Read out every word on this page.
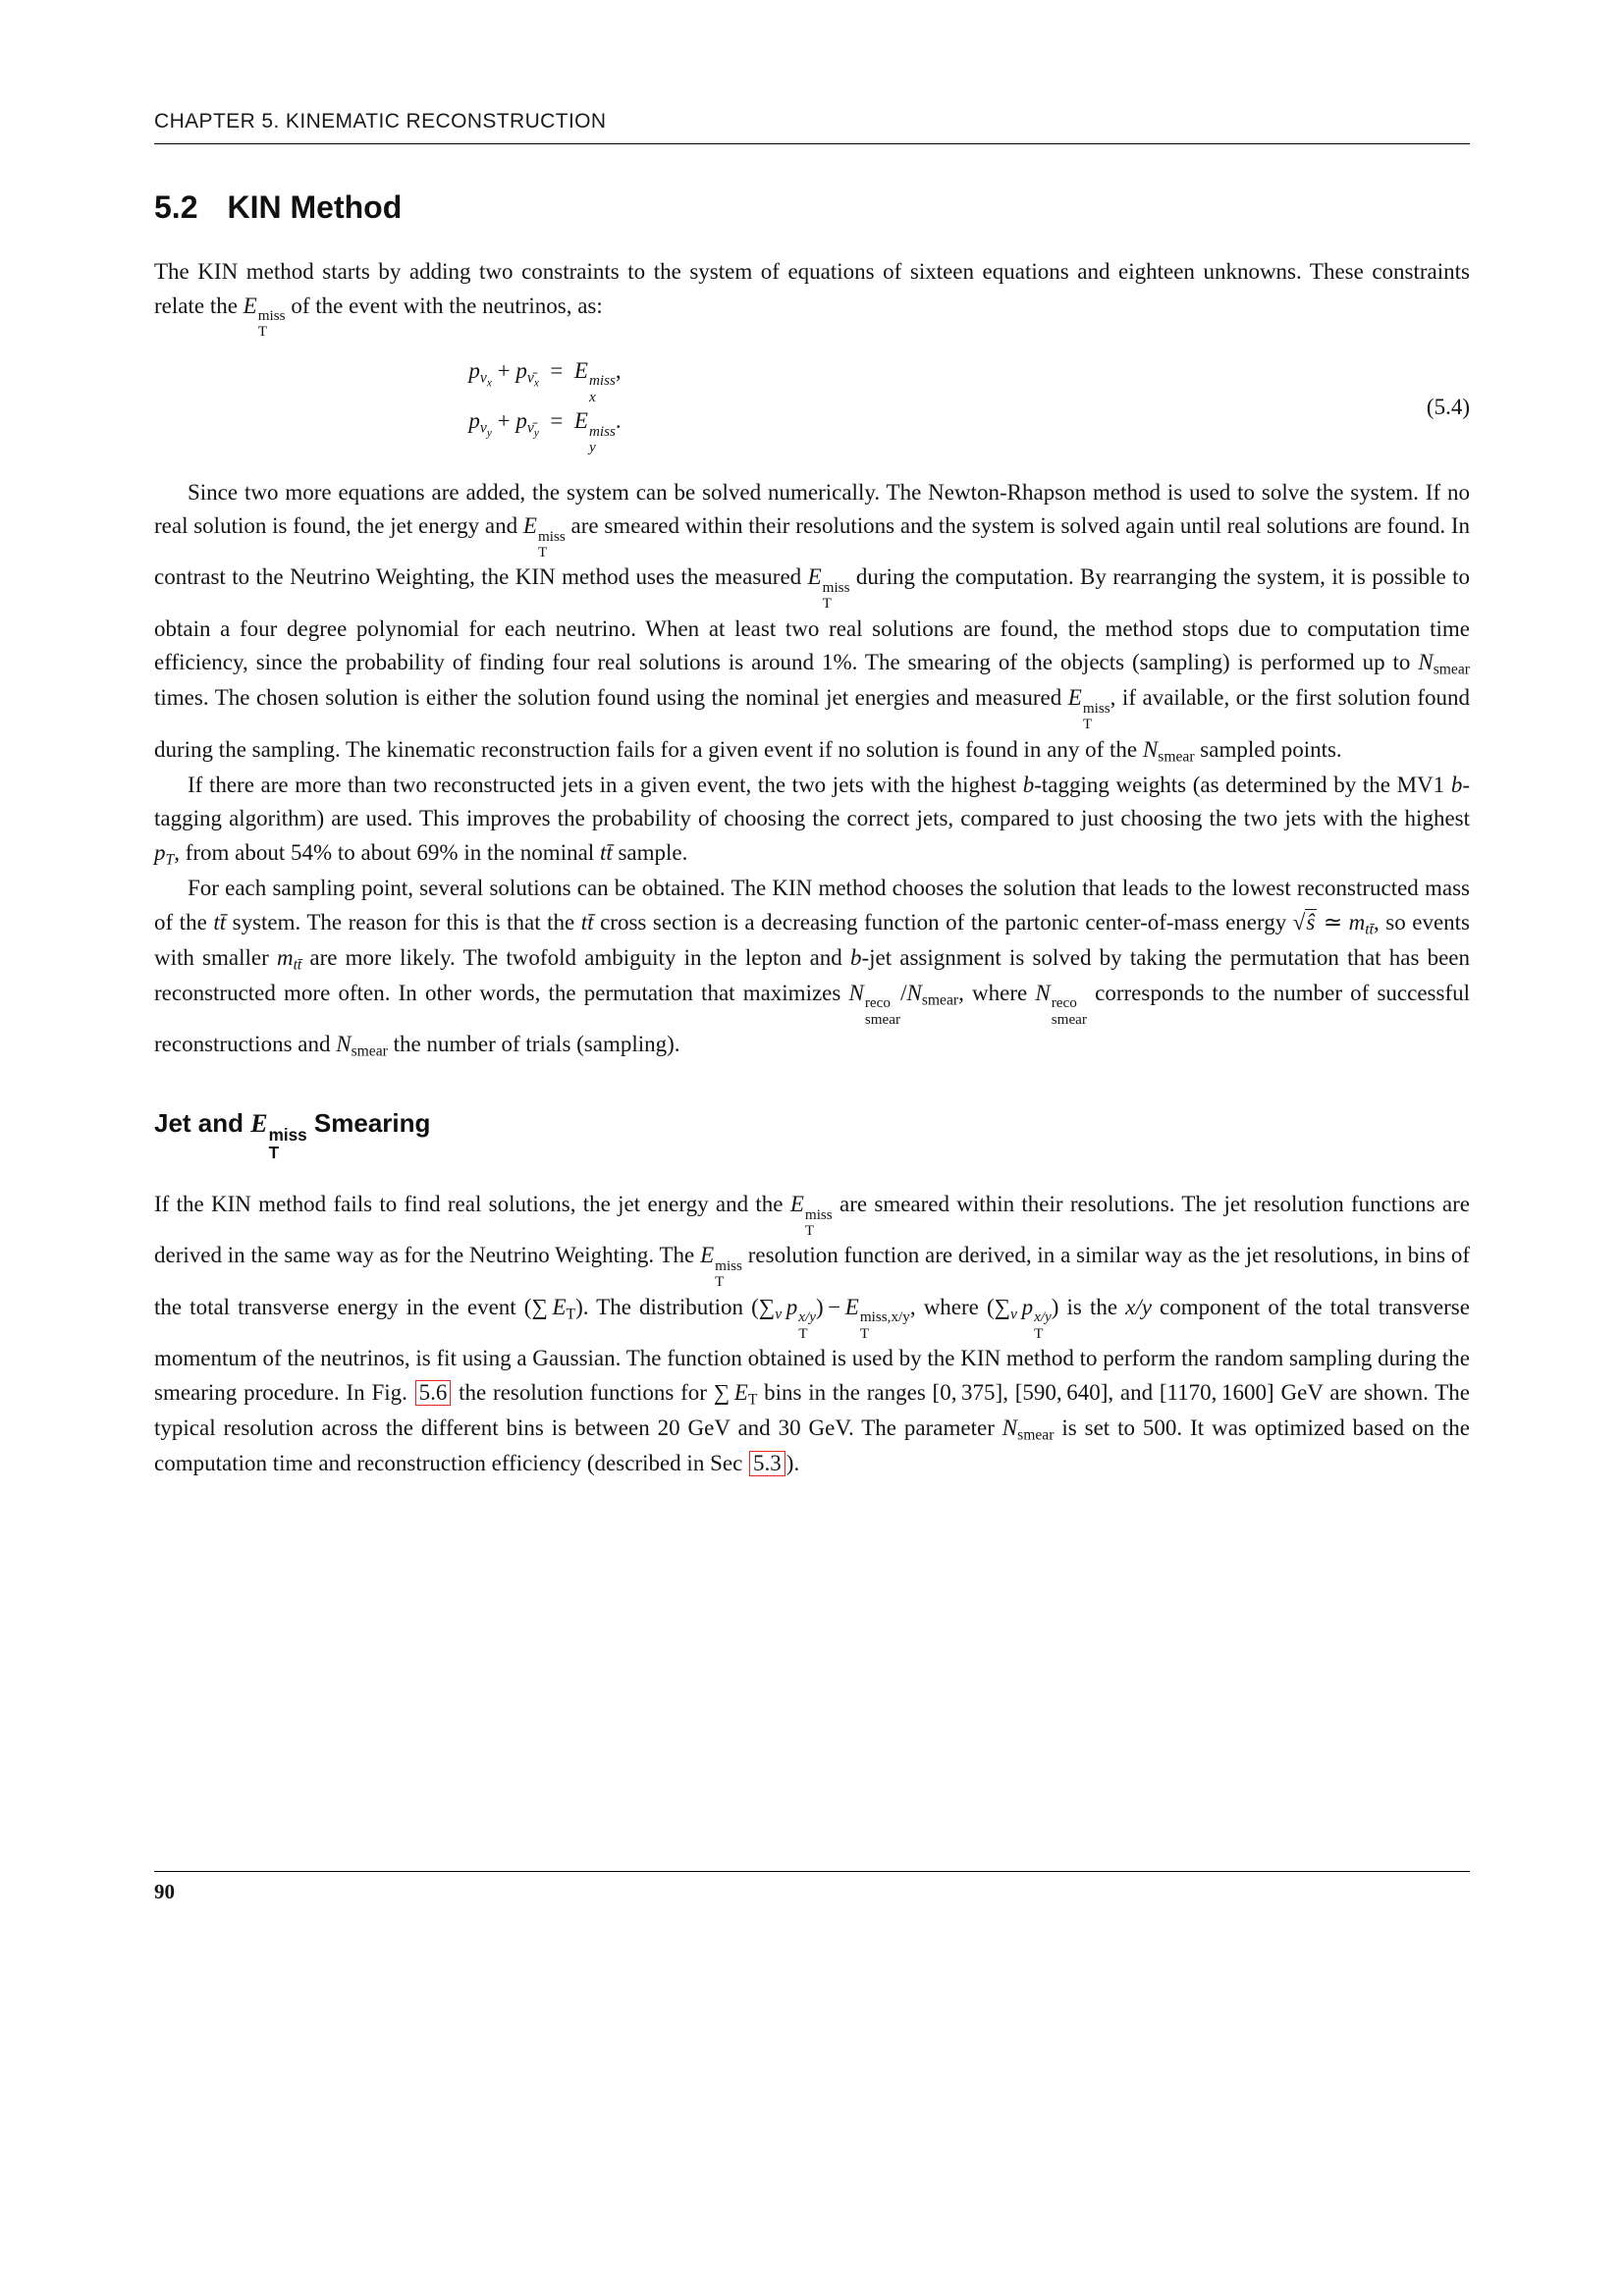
CHAPTER 5. KINEMATIC RECONSTRUCTION
5.2 KIN Method

The KIN method starts by adding two constraints to the system of equations of sixteen equations and eighteen unknowns. These constraints relate the E miss
T
of the event with the neutrinos, as:

$p_{\nu x} + p_{\nūx}$ = E miss
x
,
$p_{\nu y} + p_{\nūy}$ = E miss
y
.
(5.4)

Since two more equations are added, the system can be solved numerically. The Newton-Rhapson method is used to solve the system. If no real solution is found, the jet energy and E miss
T
are smeared within their resolutions and the system is solved again until real solutions are found. In contrast to the Neutrino Weighting, the KIN method uses the measured E miss
T
during the computation. By rearranging the system, it is possible to obtain a four degree polynomial for each neutrino. When at least two real solutions are found, the method stops due to computation time efficiency, since the probability of finding four real solutions is around 1%. The smearing of the objects (sampling) is performed up to $N_{smear}$ times. The chosen solution is either the solution found using the nominal jet energies and measured E miss
T
, if available, or the first solution found during the sampling. The kinematic reconstruction fails for a given event if no solution is found in any of the $N_{smear}$ sampled points.

If there are more than two reconstructed jets in a given event, the two jets with the highest b-tagging weights (as determined by the MV1 b-tagging algorithm) are used. This improves the probability of choosing the correct jets, compared to just choosing the two jets with the highest $p_T$, from about 54% to about 69% in the nominal tt̄ sample.

For each sampling point, several solutions can be obtained. The KIN method chooses the solution that leads to the lowest reconstructed mass of the tt̄ system. The reason for this is that the tt̄ cross section is a decreasing function of the partonic center-of-mass energy √ŝ ≃ $m_{tt̄}$, so events with smaller $m_{tt̄}$ are more likely. The twofold ambiguity in the lepton and b-jet assignment is solved by taking the permutation that has been reconstructed more often. In other words, the permutation that maximizes N reco
smear
$/N_{smear}$, where N reco
smear
corresponds to the number of successful reconstructions and $N_{smear}$ the number of trials (sampling).

Jet and E miss
T
Smearing

If the KIN method fails to find real solutions, the jet energy and the E miss
T
are smeared within their resolutions. The jet resolution functions are derived in the same way as for the Neutrino Weighting. The E miss
T
resolution function are derived, in a similar way as the jet resolutions, in bins of the total transverse energy in the event (∑ $E_T$). The distribution ($\sum_\nu$  p x/y
T
) − E miss,x/y
T
, where ($\sum_\nu$  p x/y
T
) is the x/y component of the total transverse momentum of the neutrinos, is fit using a Gaussian. The function obtained is used by the KIN method to perform the random sampling during the smearing procedure. In Fig. 5.6 the resolution functions for ∑ $E_T$ bins in the ranges [0, 375], [590, 640], and [1170, 1600] GeV are shown. The typical resolution across the different bins is between 20 GeV and 30 GeV. The parameter $N_{smear}$ is set to 500. It was optimized based on the computation time and reconstruction efficiency (described in Sec 5.3 ).

90
